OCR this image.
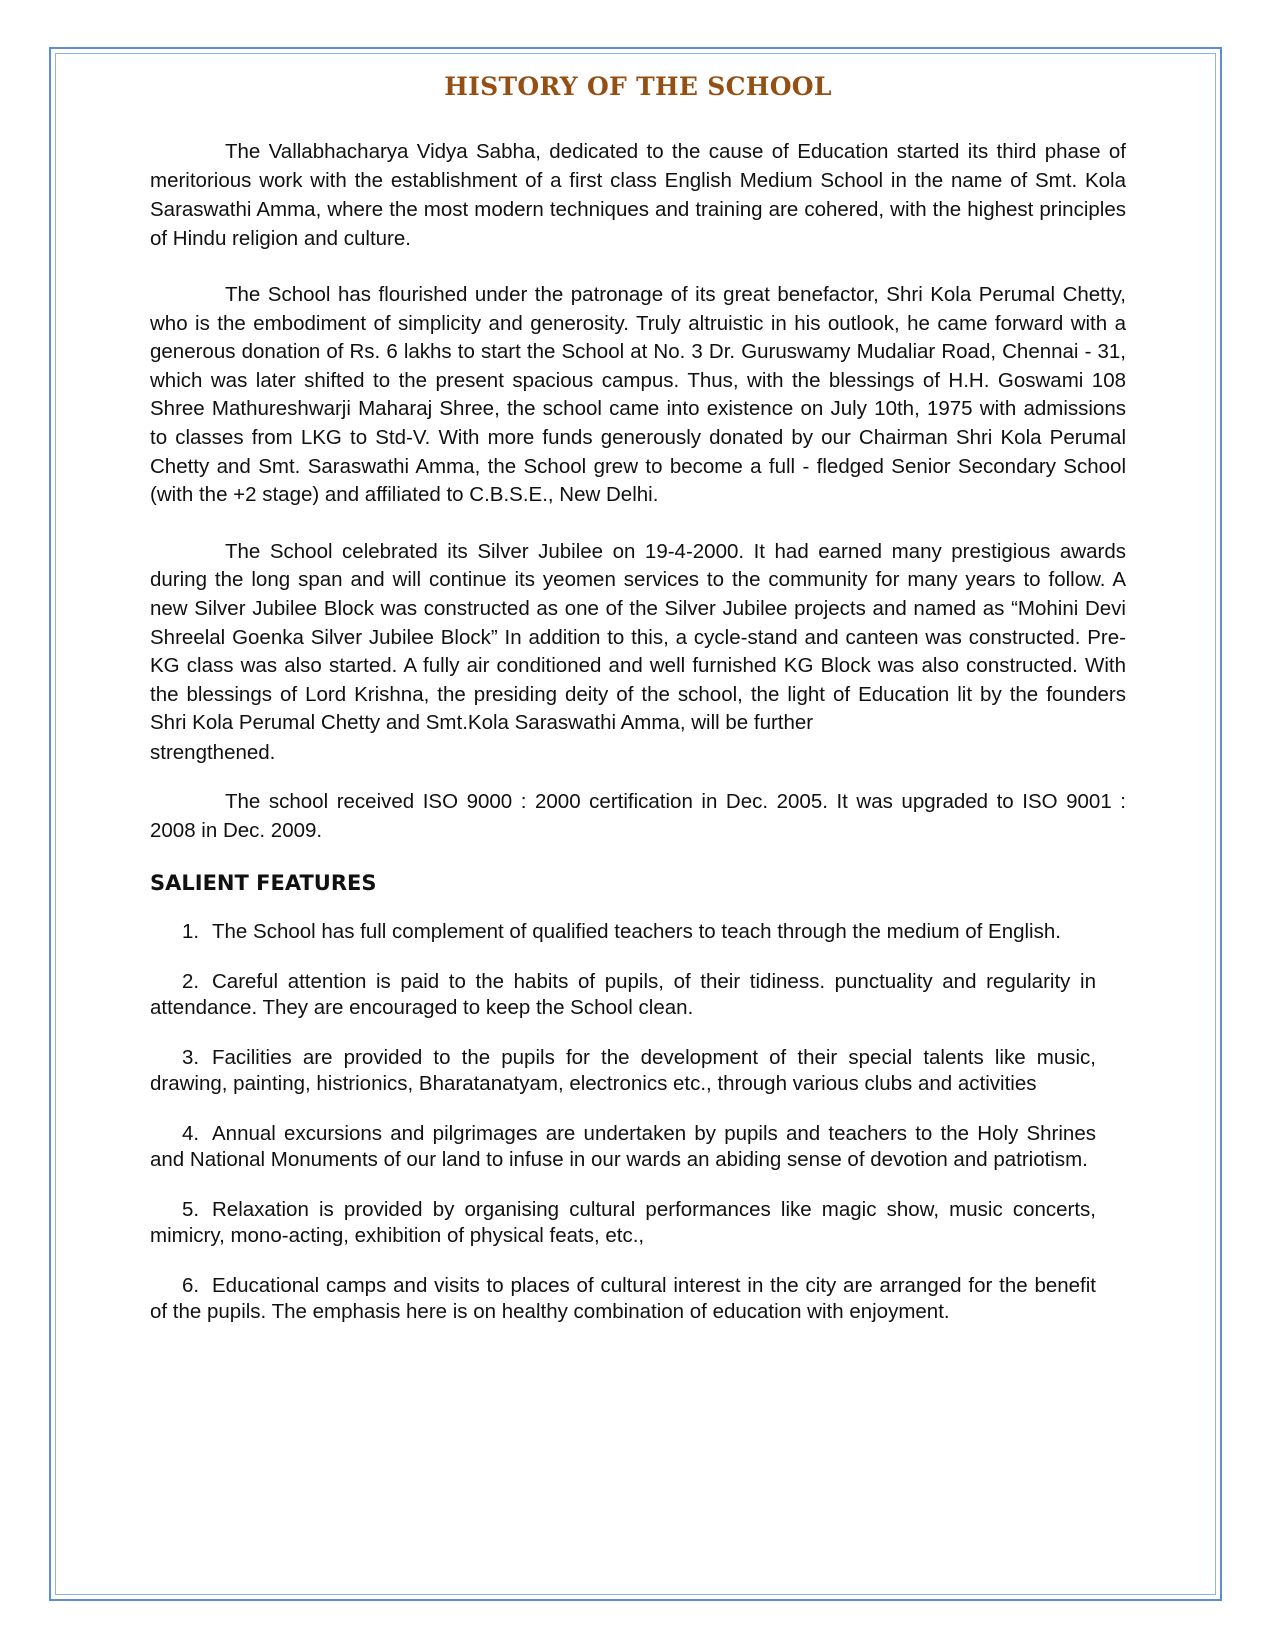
HISTORY OF THE SCHOOL

The Vallabhacharya Vidya Sabha, dedicated to the cause of Education started its third phase of meritorious work with the establishment of a first class English Medium School in the name of Smt. Kola Saraswathi Amma, where the most modern techniques and training are cohered, with the highest principles of Hindu religion and culture.

The School has flourished under the patronage of its great benefactor, Shri Kola Perumal Chetty, who is the embodiment of simplicity and generosity. Truly altruistic in his outlook, he came forward with a generous donation of Rs. 6 lakhs to start the School at No. 3 Dr. Guruswamy Mudaliar Road, Chennai - 31, which was later shifted to the present spacious campus. Thus, with the blessings of H.H. Goswami 108 Shree Mathureshwarji Maharaj Shree, the school came into existence on July 10th, 1975 with admissions to classes from LKG to Std-V. With more funds generously donated by our Chairman Shri Kola Perumal Chetty and Smt. Saraswathi Amma, the School grew to become a full - fledged Senior Secondary School (with the +2 stage) and affiliated to C.B.S.E., New Delhi.

The School celebrated its Silver Jubilee on 19-4-2000. It had earned many prestigious awards during the long span and will continue its yeomen services to the community for many years to follow. A new Silver Jubilee Block was constructed as one of the Silver Jubilee projects and named as “Mohini Devi Shreelal Goenka Silver Jubilee Block” In addition to this, a cycle-stand and canteen was constructed. Pre-KG class was also started. A fully air conditioned and well furnished KG Block was also constructed. With the blessings of Lord Krishna, the presiding deity of the school, the light of Education lit by the founders Shri Kola Perumal Chetty and Smt.Kola Saraswathi Amma, will be further

strengthened.

The school received ISO 9000 : 2000 certification in Dec. 2005. It was upgraded to ISO 9001 : 2008 in Dec. 2009.

SALIENT FEATURES

1. The School has full complement of qualified teachers to teach through the medium of English.

2. Careful attention is paid to the habits of pupils, of their tidiness. punctuality and regularity in attendance. They are encouraged to keep the School clean.

3. Facilities are provided to the pupils for the development of their special talents like music, drawing, painting, histrionics, Bharatanatyam, electronics etc., through various clubs and activities

4. Annual excursions and pilgrimages are undertaken by pupils and teachers to the Holy Shrines and National Monuments of our land to infuse in our wards an abiding sense of devotion and patriotism.

5. Relaxation is provided by organising cultural performances like magic show, music concerts, mimicry, mono-acting, exhibition of physical feats, etc.,

6. Educational camps and visits to places of cultural interest in the city are arranged for the benefit of the pupils. The emphasis here is on healthy combination of education with enjoyment.
